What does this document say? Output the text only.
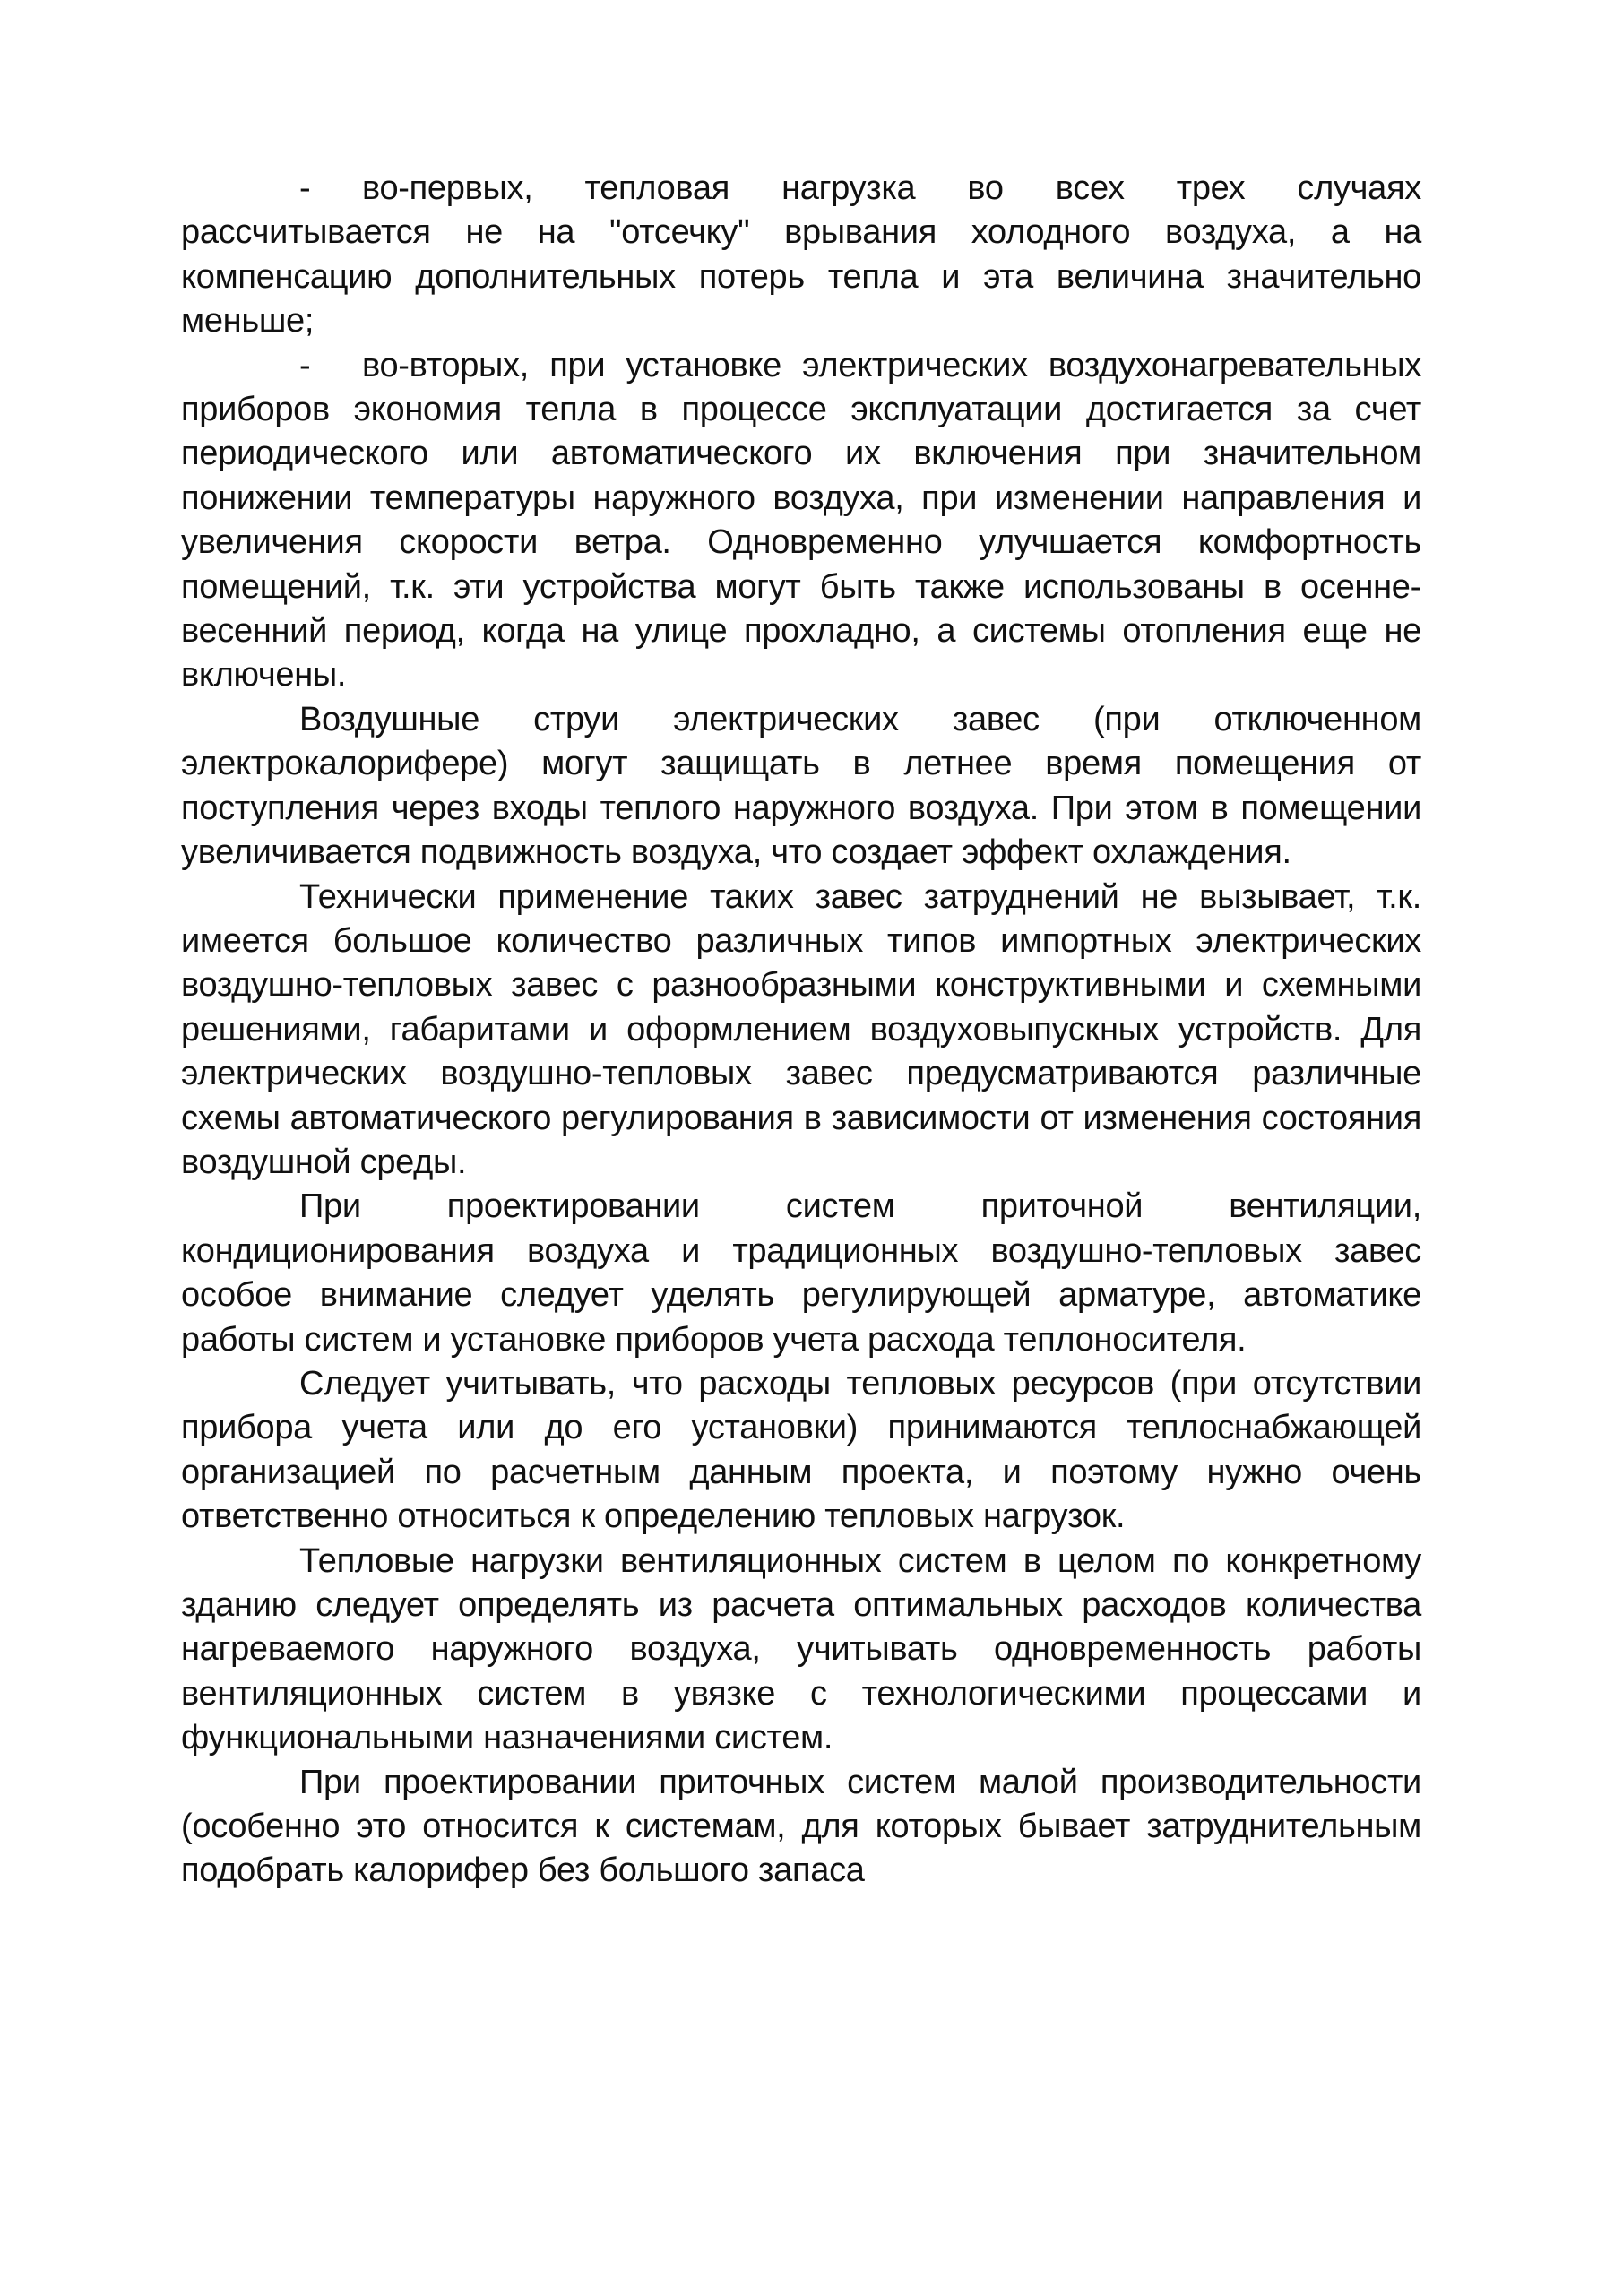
- во-первых, тепловая нагрузка во всех трех случаях рассчитывается не на "отсечку" врывания холодного воздуха, а на компенсацию дополнительных потерь тепла и эта величина значительно меньше;

- во-вторых, при установке электрических воздухонагревательных приборов экономия тепла в процессе эксплуатации достигается за счет периодического или автоматического их включения при значительном понижении температуры наружного воздуха, при изменении направления и увеличения скорости ветра. Одновременно улучшается комфортность помещений, т.к. эти устройства могут быть также использованы в осенне-весенний период, когда на улице прохладно, а системы отопления еще не включены.

Воздушные струи электрических завес (при отключенном электрокалорифере) могут защищать в летнее время помещения от поступления через входы теплого наружного воздуха. При этом в помещении увеличивается подвижность воздуха, что создает эффект охлаждения.

Технически применение таких завес затруднений не вызывает, т.к. имеется большое количество различных типов импортных электрических воздушно-тепловых завес с разнообразными конструктивными и схемными решениями, габаритами и оформлением воздуховыпускных устройств. Для электрических воздушно-тепловых завес предусматриваются различные схемы автоматического регулирования в зависимости от изменения состояния воздушной среды.

При проектировании систем приточной вентиляции, кондиционирования воздуха и традиционных воздушно-тепловых завес особое внимание следует уделять регулирующей арматуре, автоматике работы систем и установке приборов учета расхода теплоносителя.

Следует учитывать, что расходы тепловых ресурсов (при отсутствии прибора учета или до его установки) принимаются теплоснабжающей организацией по расчетным данным проекта, и поэтому нужно очень ответственно относиться к определению тепловых нагрузок.

Тепловые нагрузки вентиляционных систем в целом по конкретному зданию следует определять из расчета оптимальных расходов количества нагреваемого наружного воздуха, учитывать одновременность работы вентиляционных систем в увязке с технологическими процессами и функциональными назначениями систем.

При проектировании приточных систем малой производительности (особенно это относится к системам, для которых бывает затруднительным подобрать калорифер без большого запаса
